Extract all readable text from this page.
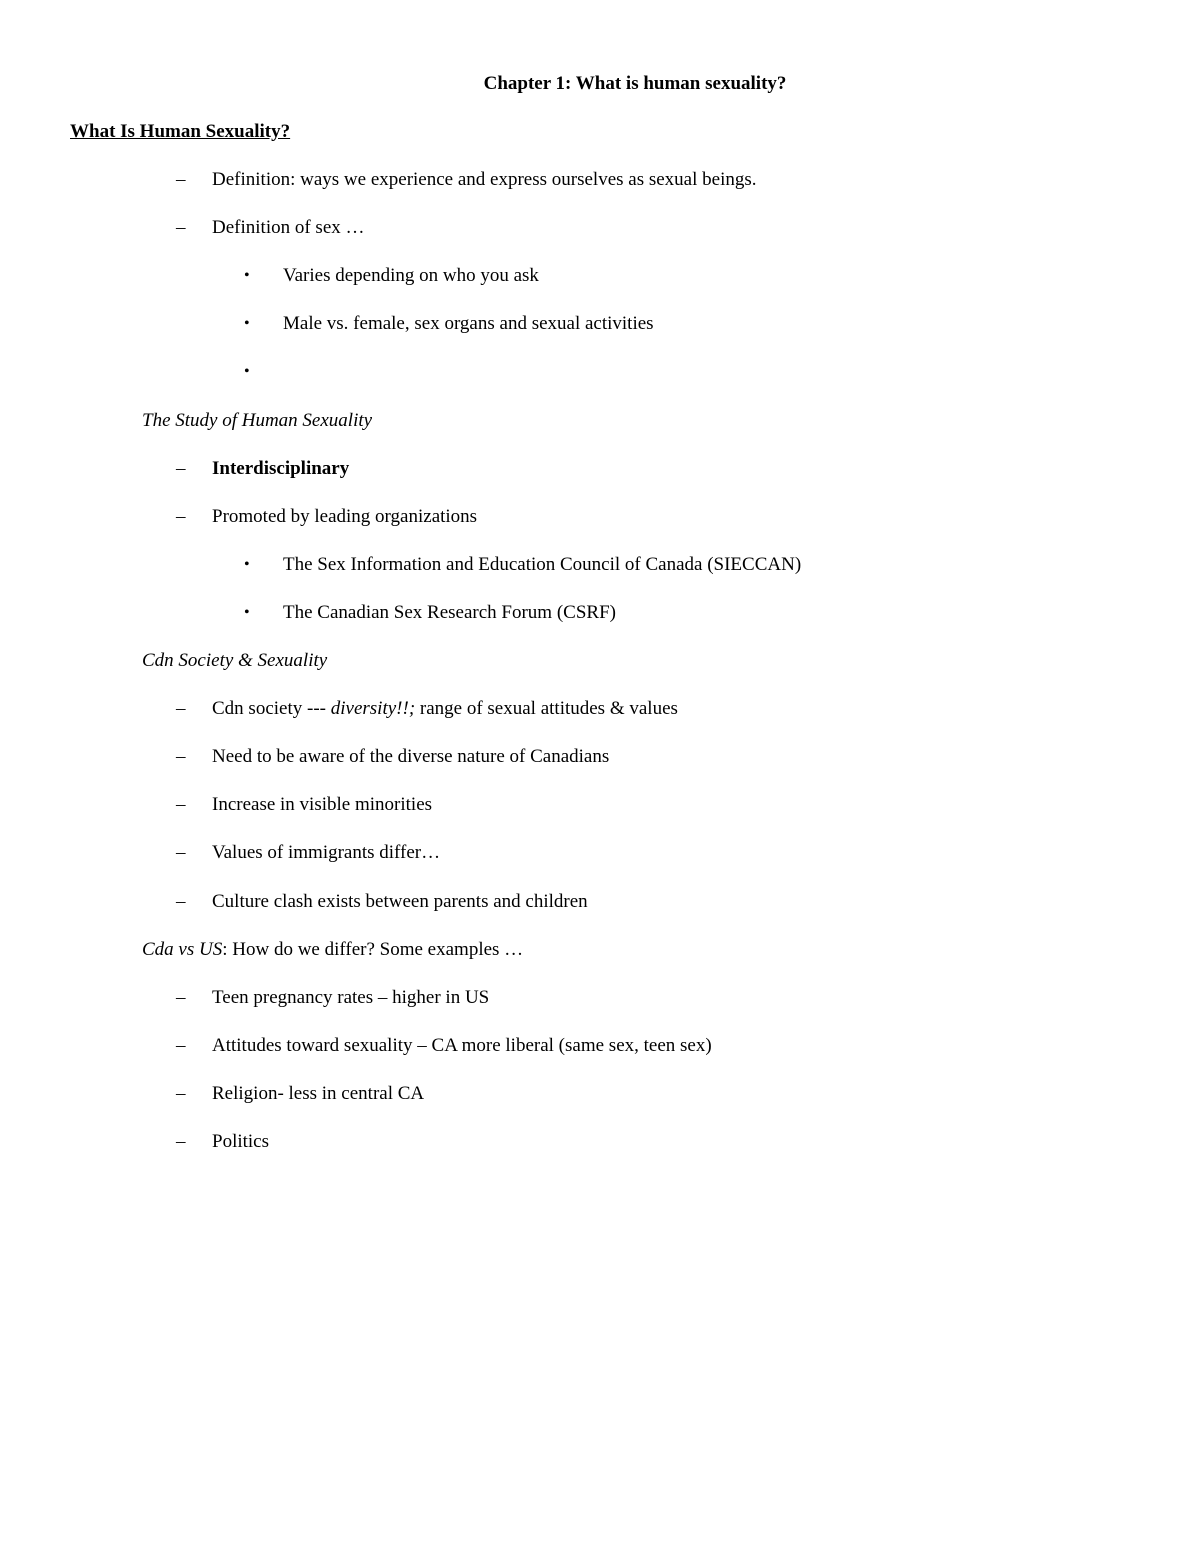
Chapter 1: What is human sexuality?
What Is Human Sexuality?
– Definition: ways we experience and express ourselves as sexual beings.
– Definition of sex …
• Varies depending on who you ask
• Male vs. female, sex organs and sexual activities
•
The Study of Human Sexuality
– Interdisciplinary
– Promoted by leading organizations
• The Sex Information and Education Council of Canada (SIECCAN)
• The Canadian Sex Research Forum (CSRF)
Cdn Society & Sexuality
– Cdn society --- diversity!!; range of sexual attitudes & values
– Need to be aware of the diverse nature of Canadians
– Increase in visible minorities
– Values of immigrants differ…
– Culture clash exists between parents and children
Cda vs US: How do we differ? Some examples …
– Teen pregnancy rates – higher in US
– Attitudes toward sexuality – CA more liberal (same sex, teen sex)
– Religion- less in central CA
– Politics
